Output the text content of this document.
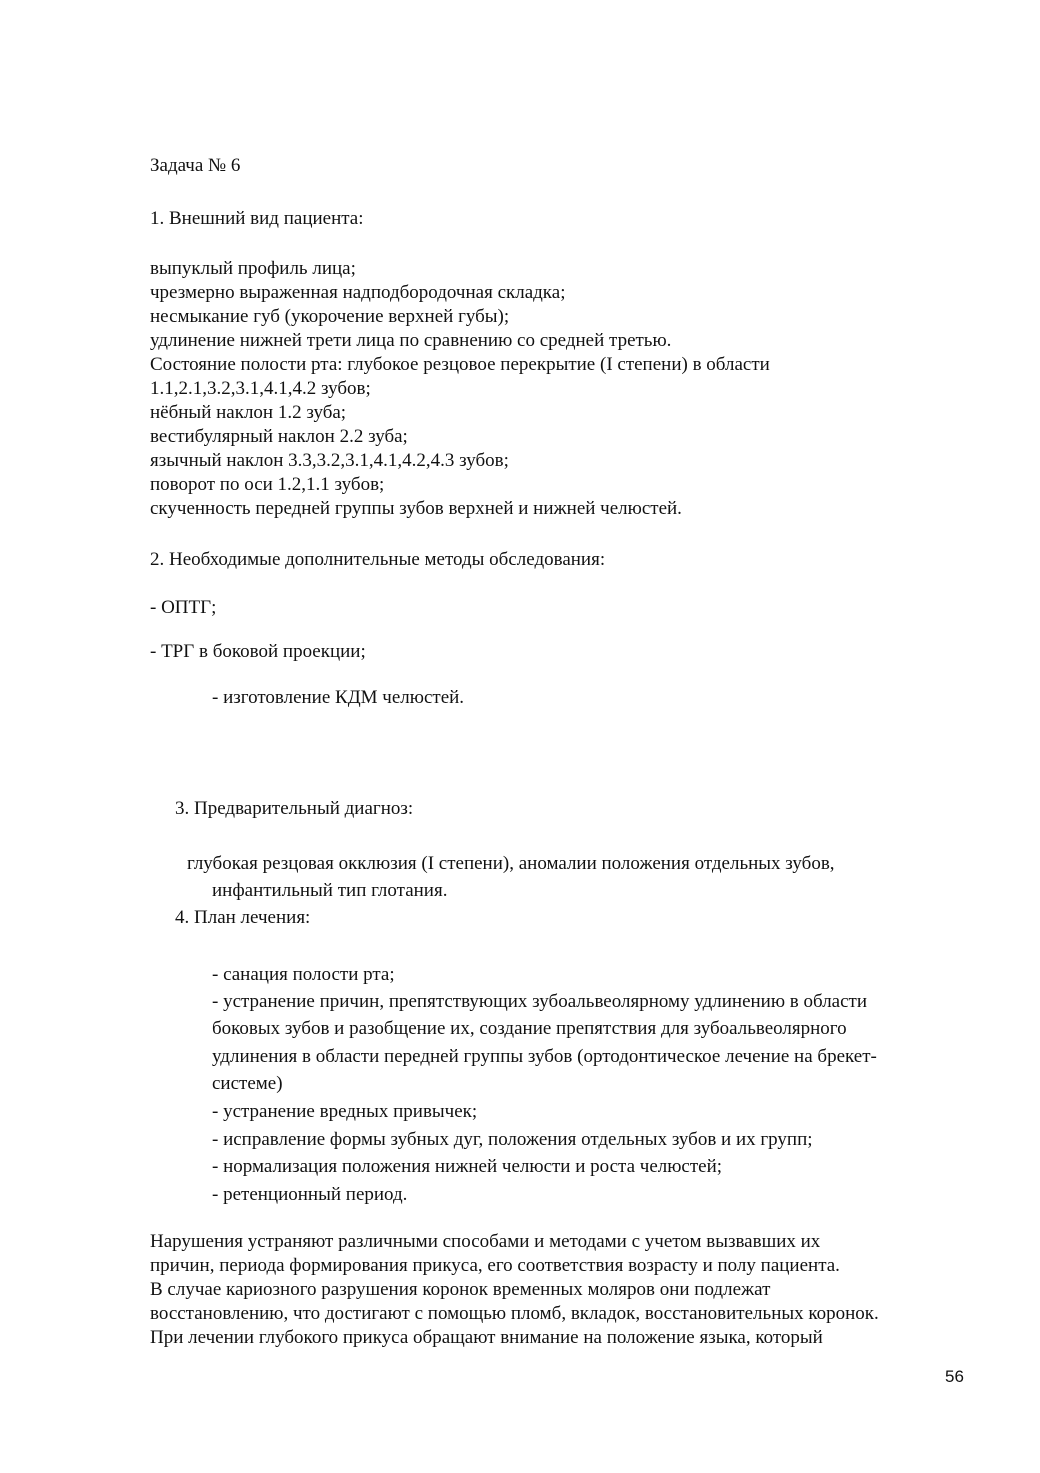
Задача № 6

1. Внешний вид пациента:

выпуклый профиль лица;

чрезмерно выраженная надподбородочная складка;

несмыкание губ (укорочение верхней губы);

удлинение нижней трети лица по сравнению со средней третью.

Состояние полости рта: глубокое резцовое перекрытие (I степени) в области

1.1,2.1,3.2,3.1,4.1,4.2 зубов;

нёбный наклон 1.2 зуба;

вестибулярный наклон 2.2 зуба;

язычный наклон 3.3,3.2,3.1,4.1,4.2,4.3 зубов;

поворот по оси 1.2,1.1 зубов;

скученность передней группы зубов верхней и нижней челюстей.

2. Необходимые дополнительные методы обследования:

- ОПТГ;

- ТРГ в боковой проекции;

- изготовление КДМ челюстей.

3. Предварительный диагноз:

глубокая резцовая окклюзия (I степени), аномалии положения отдельных зубов,

инфантильный тип глотания.

4. План лечения:

- санация полости рта;

- устранение причин, препятствующих зубоальвеолярному удлинению в области

боковых зубов и разобщение их, создание препятствия для зубоальвеолярного

удлинения в области передней группы зубов (ортодонтическое лечение на брекет-

системе)

- устранение вредных привычек;

- исправление формы зубных дуг, положения отдельных зубов и их групп;

- нормализация положения нижней челюсти и роста челюстей;

- ретенционный период.

Нарушения устраняют различными способами и методами с учетом вызвавших их

причин, периода формирования прикуса, его соответствия возрасту и полу пациента.

В случае кариозного разрушения коронок временных моляров они подлежат

восстановлению, что достигают с помощью пломб, вкладок, восстановительных коронок.

При лечении глубокого прикуса обращают внимание на положение языка, который

56
